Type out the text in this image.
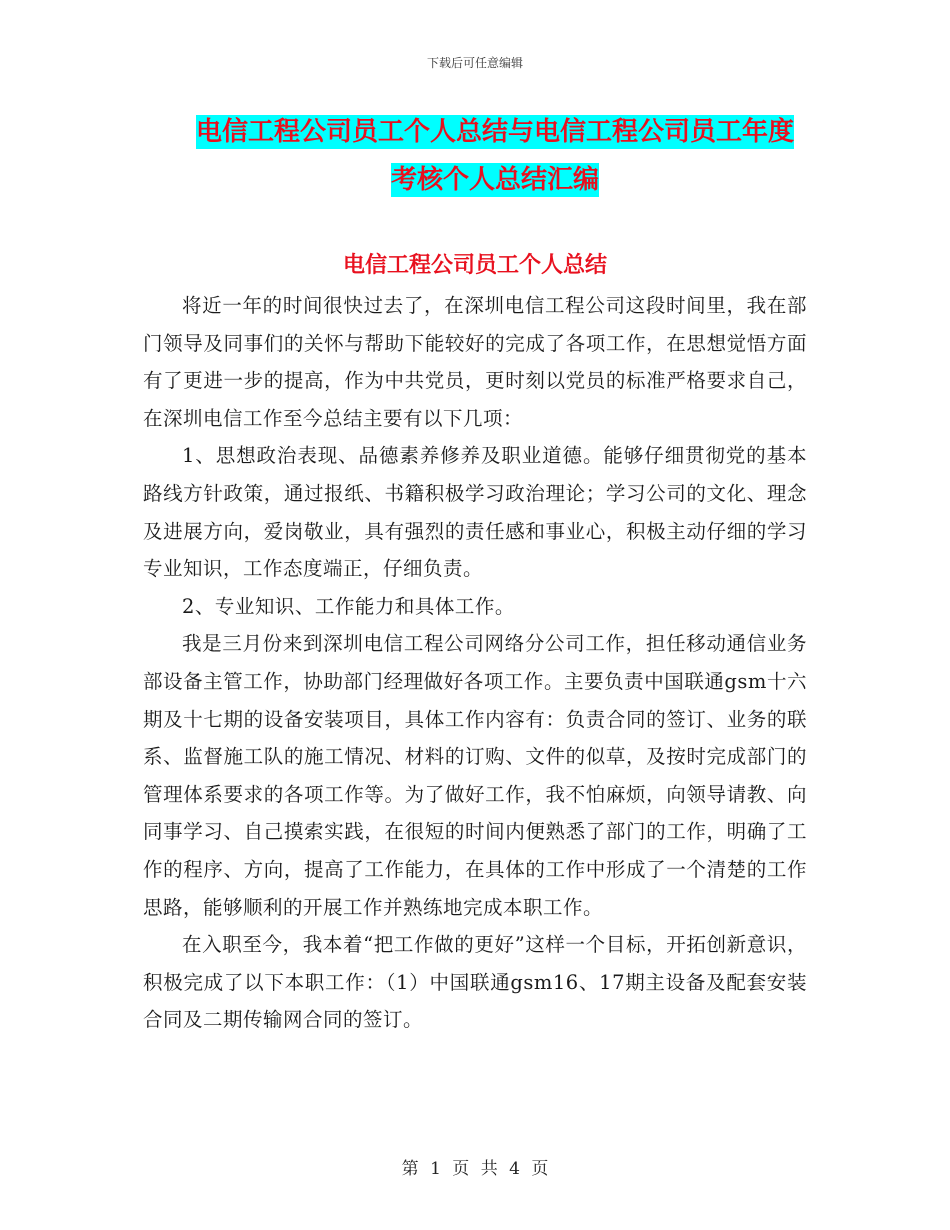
下载后可任意编辑
电信工程公司员工个人总结与电信工程公司员工年度
考核个人总结汇编
电信工程公司员工个人总结

将近一年的时间很快过去了，在深圳电信工程公司这段时间里，我在部门领导及同事们的关怀与帮助下能较好的完成了各项工作，在思想觉悟方面有了更进一步的提高，作为中共党员，更时刻以党员的标准严格要求自己，在深圳电信工作至今总结主要有以下几项：

1、思想政治表现、品德素养修养及职业道德。能够仔细贯彻党的基本路线方针政策，通过报纸、书籍积极学习政治理论；学习公司的文化、理念及进展方向，爱岗敬业，具有强烈的责任感和事业心，积极主动仔细的学习专业知识，工作态度端正，仔细负责。

2、专业知识、工作能力和具体工作。

我是三月份来到深圳电信工程公司网络分公司工作，担任移动通信业务部设备主管工作，协助部门经理做好各项工作。主要负责中国联通gsm十六期及十七期的设备安装项目，具体工作内容有：负责合同的签订、业务的联系、监督施工队的施工情况、材料的订购、文件的似草，及按时完成部门的管理体系要求的各项工作等。为了做好工作，我不怕麻烦，向领导请教、向同事学习、自己摸索实践，在很短的时间内便熟悉了部门的工作，明确了工作的程序、方向，提高了工作能力，在具体的工作中形成了一个清楚的工作思路，能够顺利的开展工作并熟练地完成本职工作。

在入职至今，我本着“把工作做的更好”这样一个目标，开拓创新意识，积极完成了以下本职工作：（1）中国联通gsm16、17期主设备及配套安装合同及二期传输网合同的签订。

第 1 页 共 4 页
